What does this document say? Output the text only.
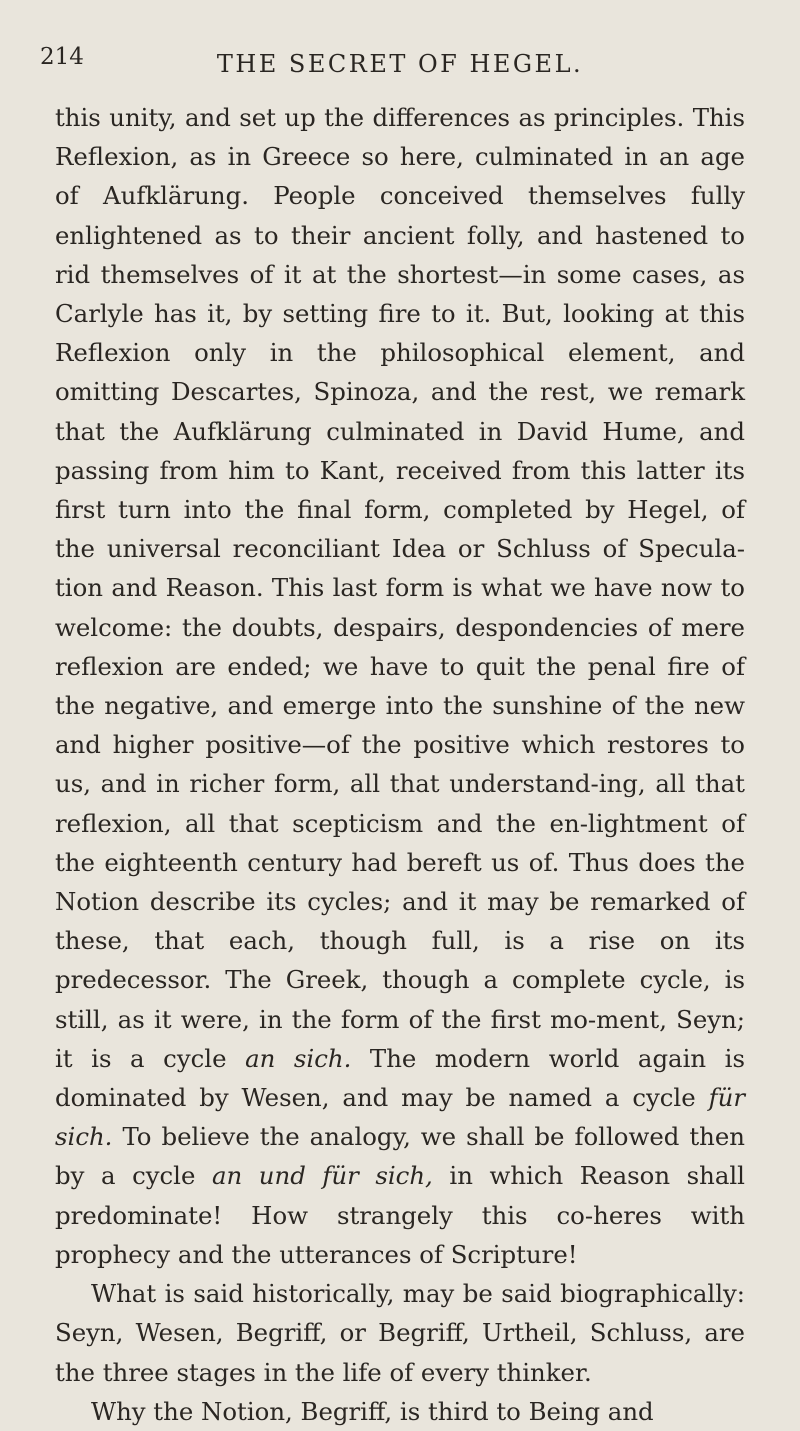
214	THE SECRET OF HEGEL.

this unity, and set up the differences as principles. This Reflexion, as in Greece so here, culminated in an age of Aufklärung. People conceived themselves fully enlightened as to their ancient folly, and hastened to rid themselves of it at the shortest—in some cases, as Carlyle has it, by setting fire to it. But, looking at this Reflexion only in the philosophical element, and omitting Descartes, Spinoza, and the rest, we remark that the Aufklärung culminated in David Hume, and passing from him to Kant, received from this latter its first turn into the final form, completed by Hegel, of the universal reconciliant Idea or Schluss of Specula-tion and Reason. This last form is what we have now to welcome: the doubts, despairs, despondencies of mere reflexion are ended; we have to quit the penal fire of the negative, and emerge into the sunshine of the new and higher positive—of the positive which restores to us, and in richer form, all that understand-ing, all that reflexion, all that scepticism and the en-lightment of the eighteenth century had bereft us of. Thus does the Notion describe its cycles; and it may be remarked of these, that each, though full, is a rise on its predecessor. The Greek, though a complete cycle, is still, as it were, in the form of the first mo-ment, Seyn; it is a cycle an sich. The modern world again is dominated by Wesen, and may be named a cycle für sich. To believe the analogy, we shall be followed then by a cycle an und für sich, in which Reason shall predominate! How strangely this co-heres with prophecy and the utterances of Scripture!

What is said historically, may be said biographically: Seyn, Wesen, Begriff, or Begriff, Urtheil, Schluss, are the three stages in the life of every thinker.

Why the Notion, Begriff, is third to Being and
